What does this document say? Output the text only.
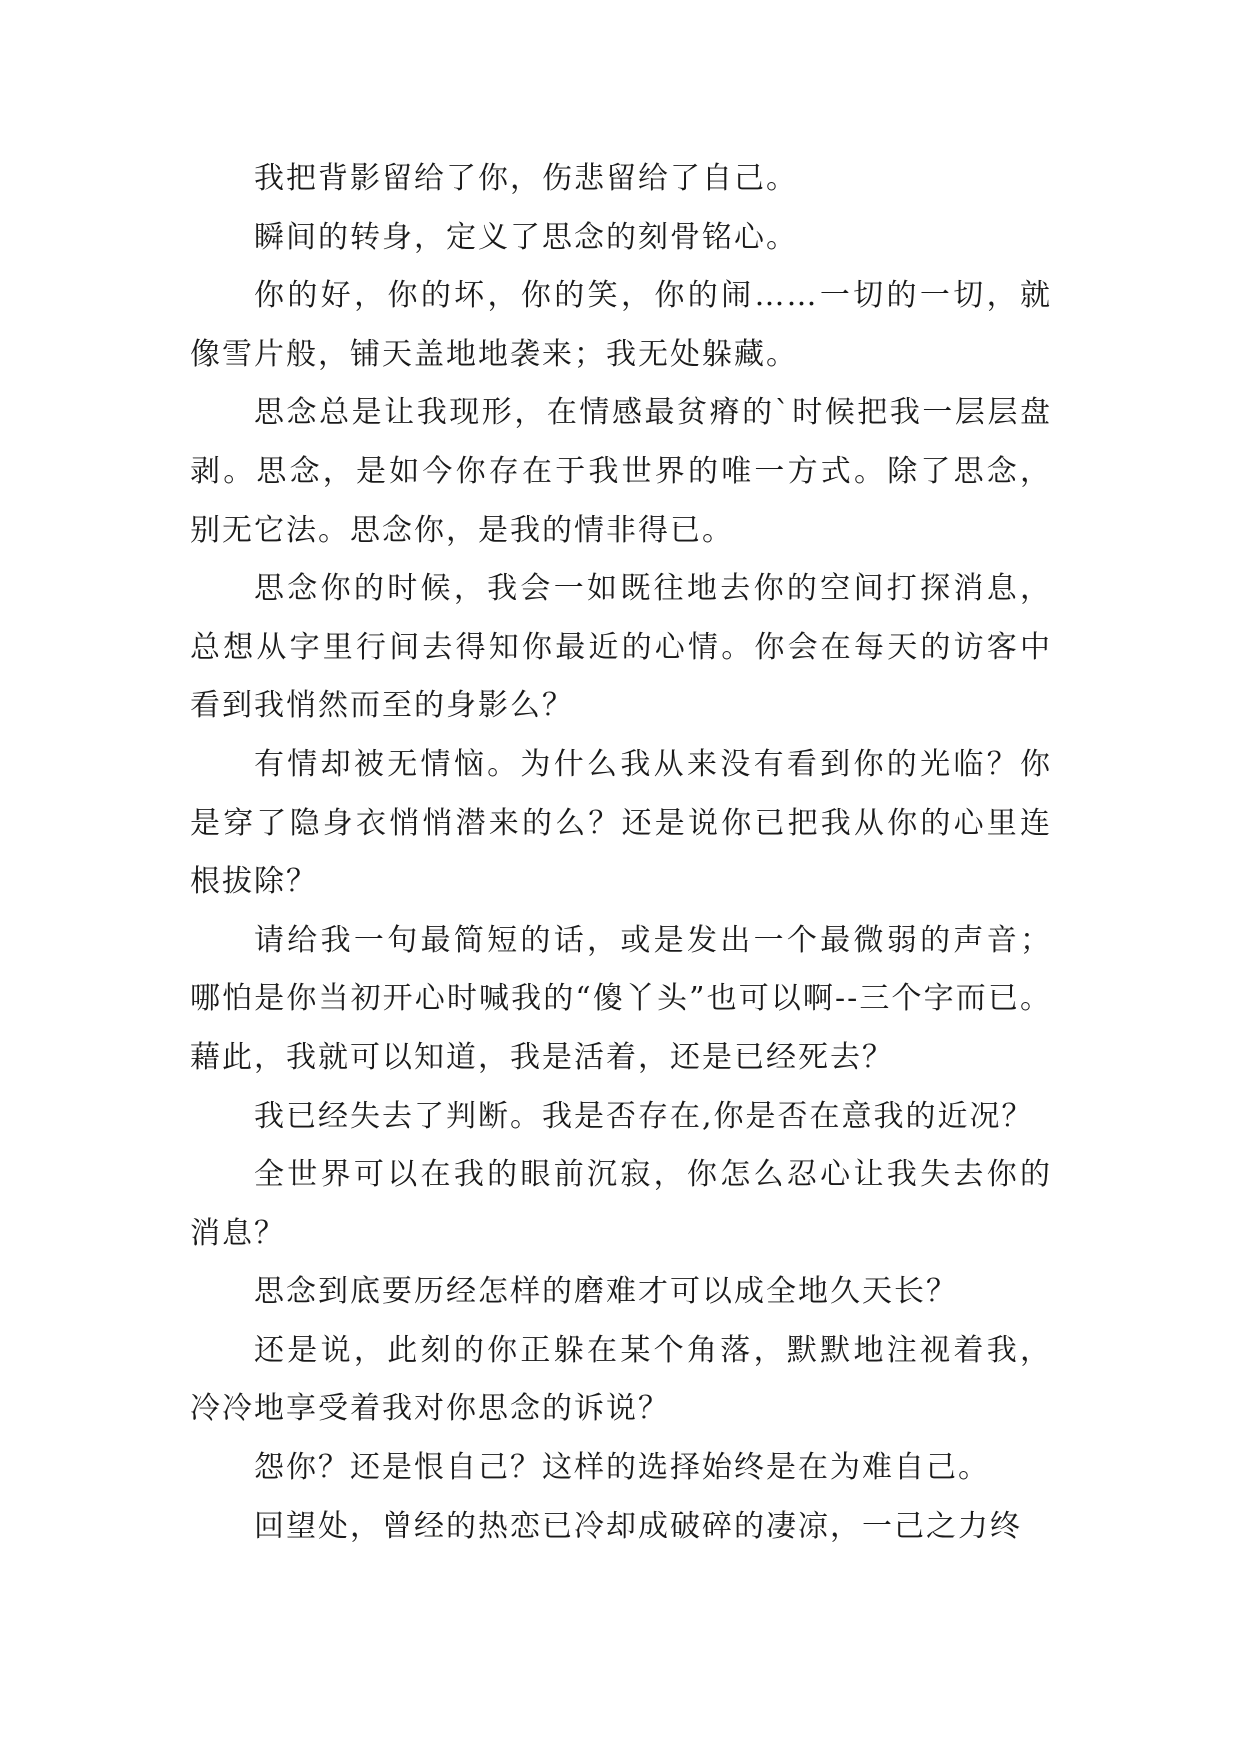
我把背影留给了你，伤悲留给了自己。

瞬间的转身，定义了思念的刻骨铭心。

你的好，你的坏，你的笑，你的闹……一切的一切，就像雪片般，铺天盖地地袭来；我无处躲藏。

思念总是让我现形，在情感最贫瘠的`时候把我一层层盘剥。思念，是如今你存在于我世界的唯一方式。除了思念，别无它法。思念你，是我的情非得已。

思念你的时候，我会一如既往地去你的空间打探消息，总想从字里行间去得知你最近的心情。你会在每天的访客中看到我悄然而至的身影么？

有情却被无情恼。为什么我从来没有看到你的光临？你是穿了隐身衣悄悄潜来的么？还是说你已把我从你的心里连根拔除？

请给我一句最简短的话，或是发出一个最微弱的声音；哪怕是你当初开心时喊我的“傻丫头”也可以啊--三个字而已。藉此，我就可以知道，我是活着，还是已经死去？

我已经失去了判断。我是否存在,你是否在意我的近况？

全世界可以在我的眼前沉寂，你怎么忍心让我失去你的消息？

思念到底要历经怎样的磨难才可以成全地久天长？

还是说，此刻的你正躲在某个角落，默默地注视着我，冷冷地享受着我对你思念的诉说？

怨你？还是恨自己？这样的选择始终是在为难自己。

回望处，曾经的热恋已冷却成破碎的凄凉，一己之力终
